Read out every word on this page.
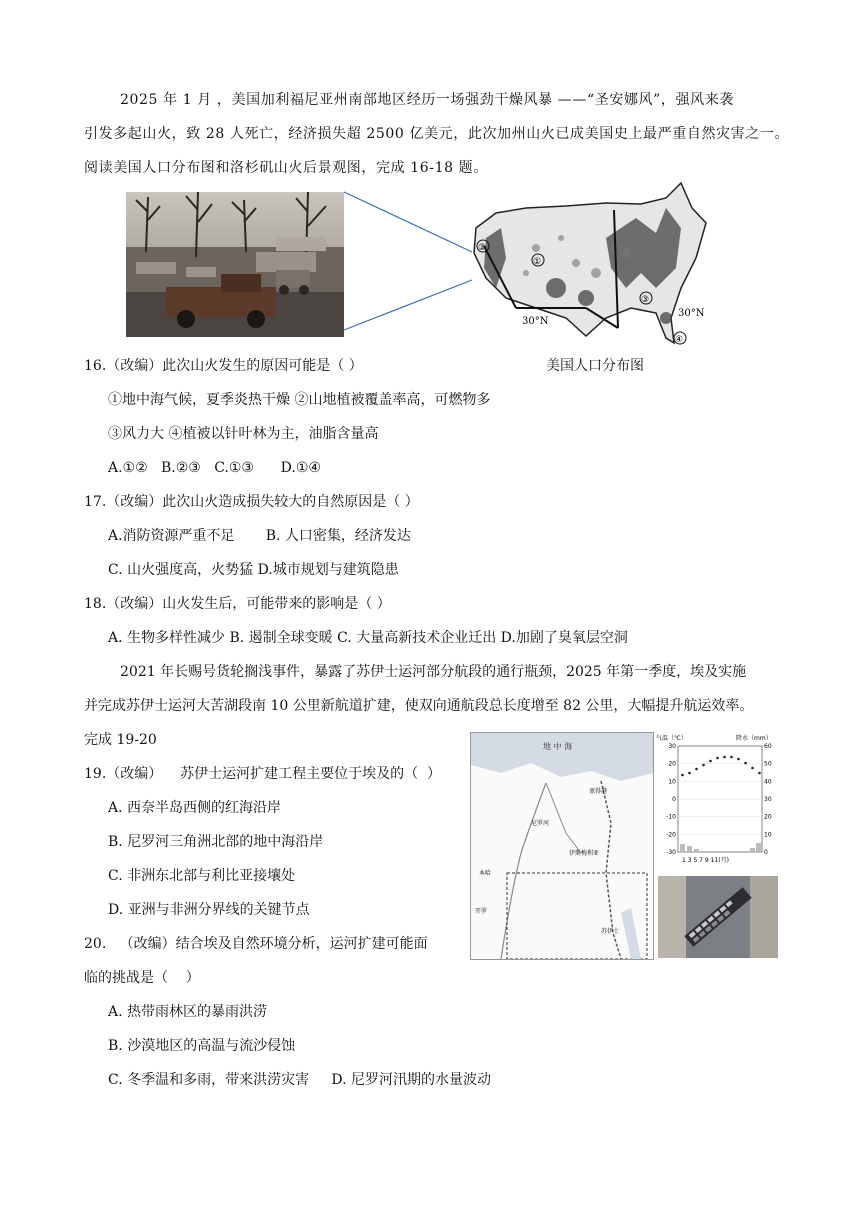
2025 年 1 月 ，美国加利福尼亚州南部地区经历一场强劲干燥风暴 ——“圣安娜风”，强风来袭
引发多起山火，致 28 人死亡，经济损失超 2500 亿美元，此次加州山火已成美国史上最严重自然灾害之一。
阅读美国人口分布图和洛杉矶山火后景观图，完成 16-18 题。
②
①
③
④
30°N
30°N
16.（改编）此次山火发生的原因可能是（ ）	美国人口分布图
①地中海气候，夏季炎热干燥 ②山地植被覆盖率高，可燃物多
③风力大 ④植被以针叶林为主，油脂含量高
A.①②   B.②③   C.①③      D.①④
17.（改编）此次山火造成损失较大的自然原因是（ ）
A.消防资源严重不足       B. 人口密集，经济发达
C. 山火强度高，火势猛 D.城市规划与建筑隐患
18.（改编）山火发生后，可能带来的影响是（ ）
A. 生物多样性减少 B. 遏制全球变暖 C. 大量高新技术企业迁出 D.加剧了臭氧层空洞
2021 年长赐号货轮搁浅事件，暴露了苏伊士运河部分航段的通行瓶颈，2025 年第一季度，埃及实施
并完成苏伊士运河大苦湖段南 10 公里新航道扩建，使双向通航段总长度增至 82 公里，大幅提升航运效率。
完成 19-20	地 中 海
塞得港
伊斯梅利亚
开罗
苏伊士
本哈
尼罗河
气温（℃）	降水（mm）
30
20
10
0
-10
-20
-30
60
50
40
30
20
10
0
1 3 5 7 9 11(月)
19.（改编）    苏伊士运河扩建工程主要位于埃及的（  ）
A. 西奈半岛西侧的红海沿岸
B. 尼罗河三角洲北部的地中海沿岸
C. 非洲东北部与利比亚接壤处
D. 亚洲与非洲分界线的关键节点
20.   （改编）结合埃及自然环境分析，运河扩建可能面
临的挑战是（    ）
A. 热带雨林区的暴雨洪涝
B. 沙漠地区的高温与流沙侵蚀
C. 冬季温和多雨，带来洪涝灾害     D. 尼罗河汛期的水量波动
